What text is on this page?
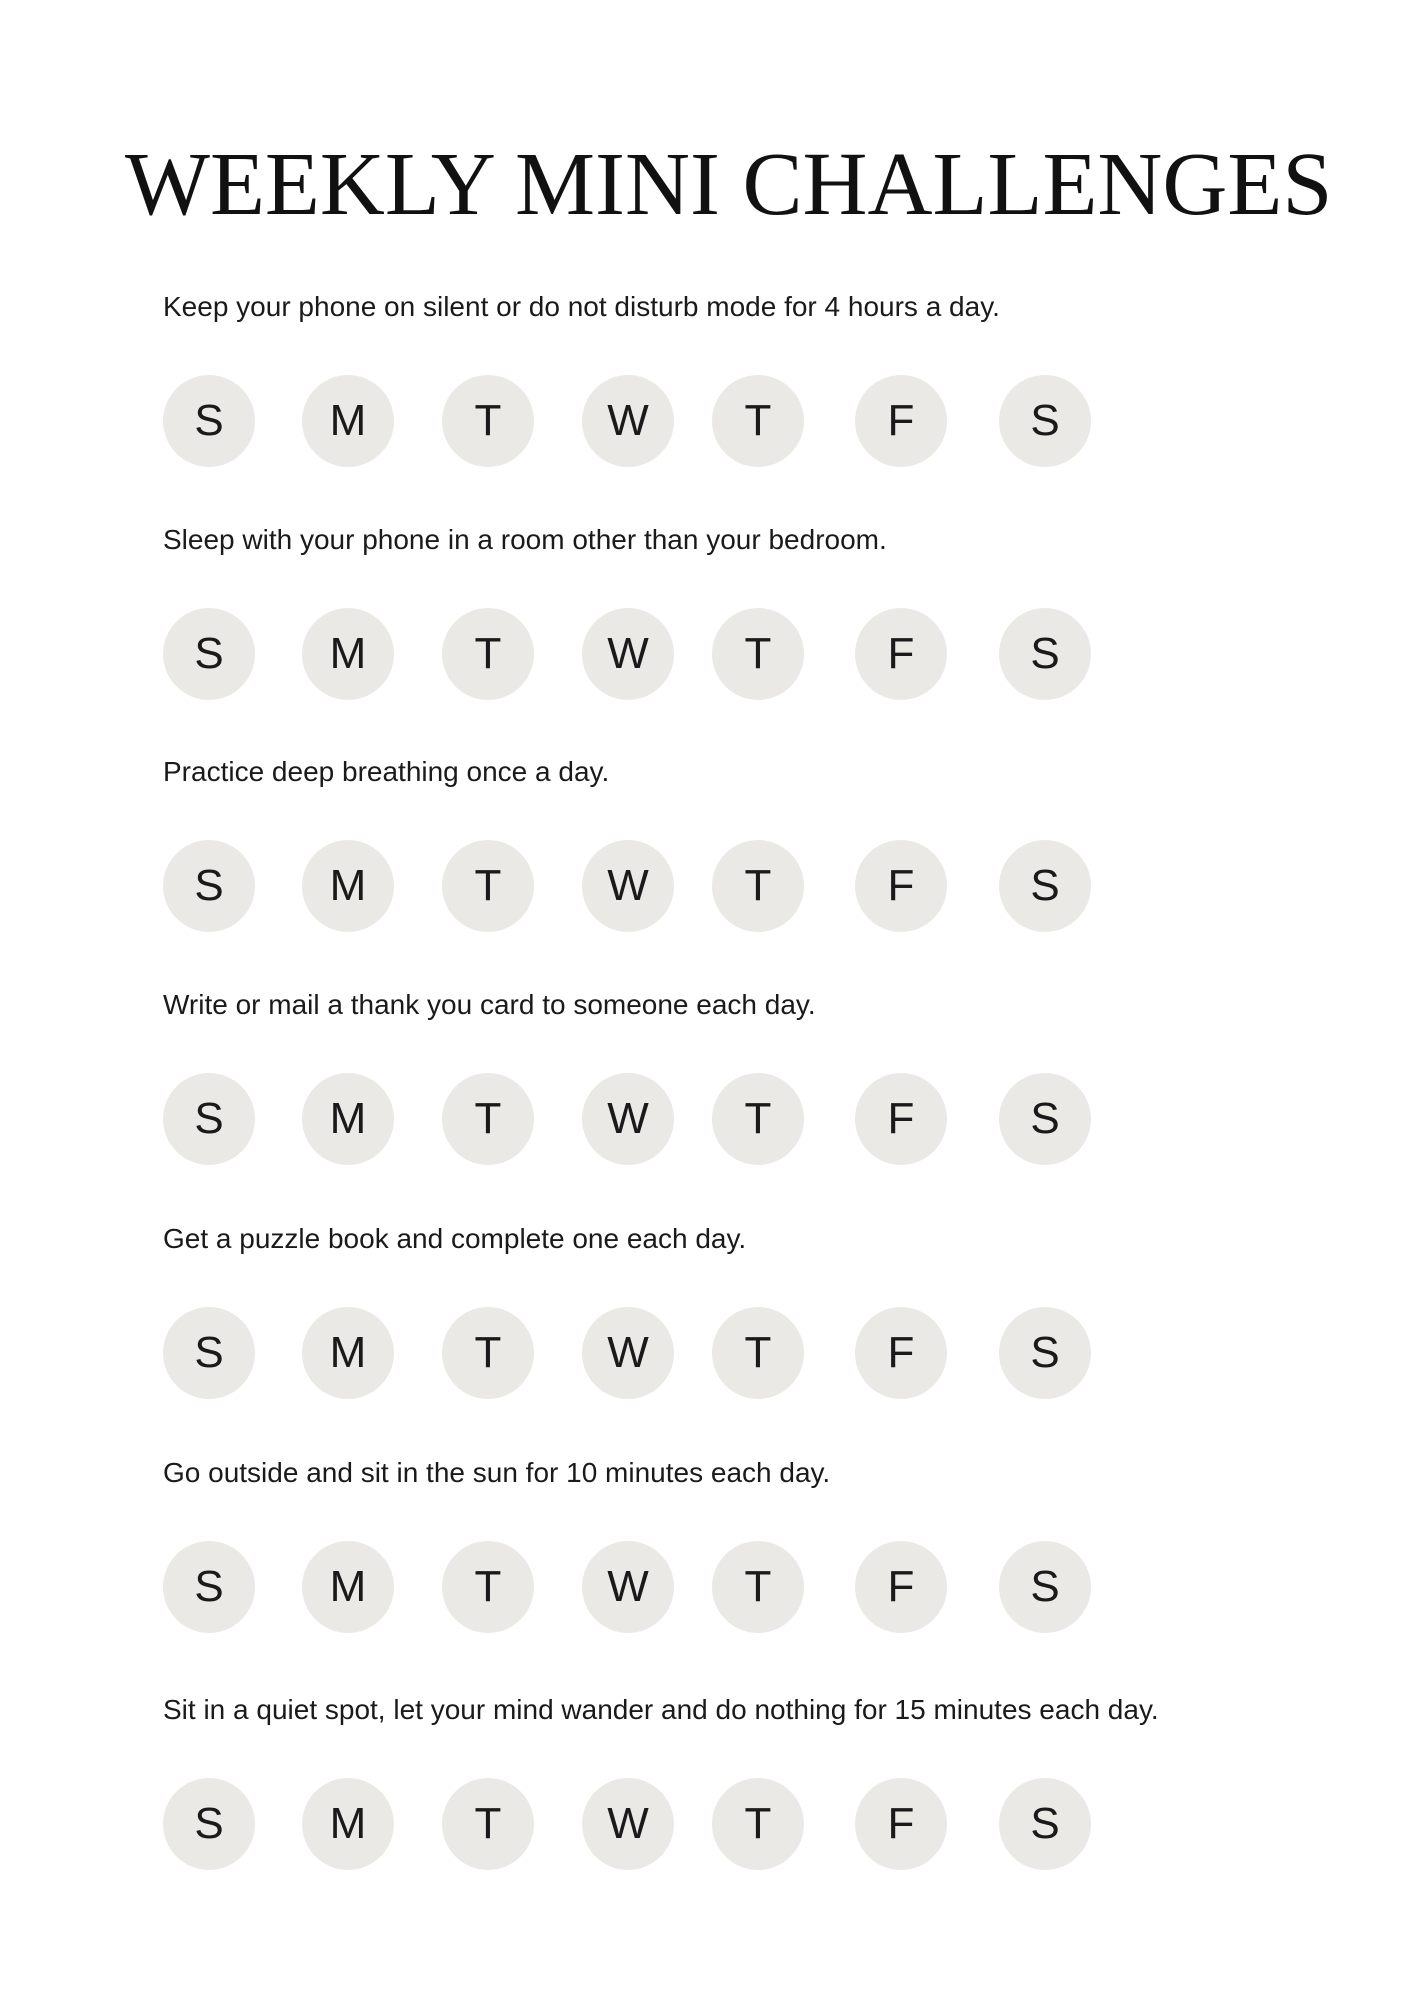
WEEKLY MINI CHALLENGES

Keep your phone on silent or do not disturb mode for 4 hours a day.

S	M	T	W	T	F	S

Sleep with your phone in a room other than your bedroom.

S	M	T	W	T	F	S

Practice deep breathing once a day.

S	M	T	W	T	F	S

Write or mail a thank you card to someone each day.

S	M	T	W	T	F	S

Get a puzzle book and complete one each day.

S	M	T	W	T	F	S

Go outside and sit in the sun for 10 minutes each day.

S	M	T	W	T	F	S

Sit in a quiet spot, let your mind wander and do nothing for 15 minutes each day.

S	M	T	W	T	F	S
